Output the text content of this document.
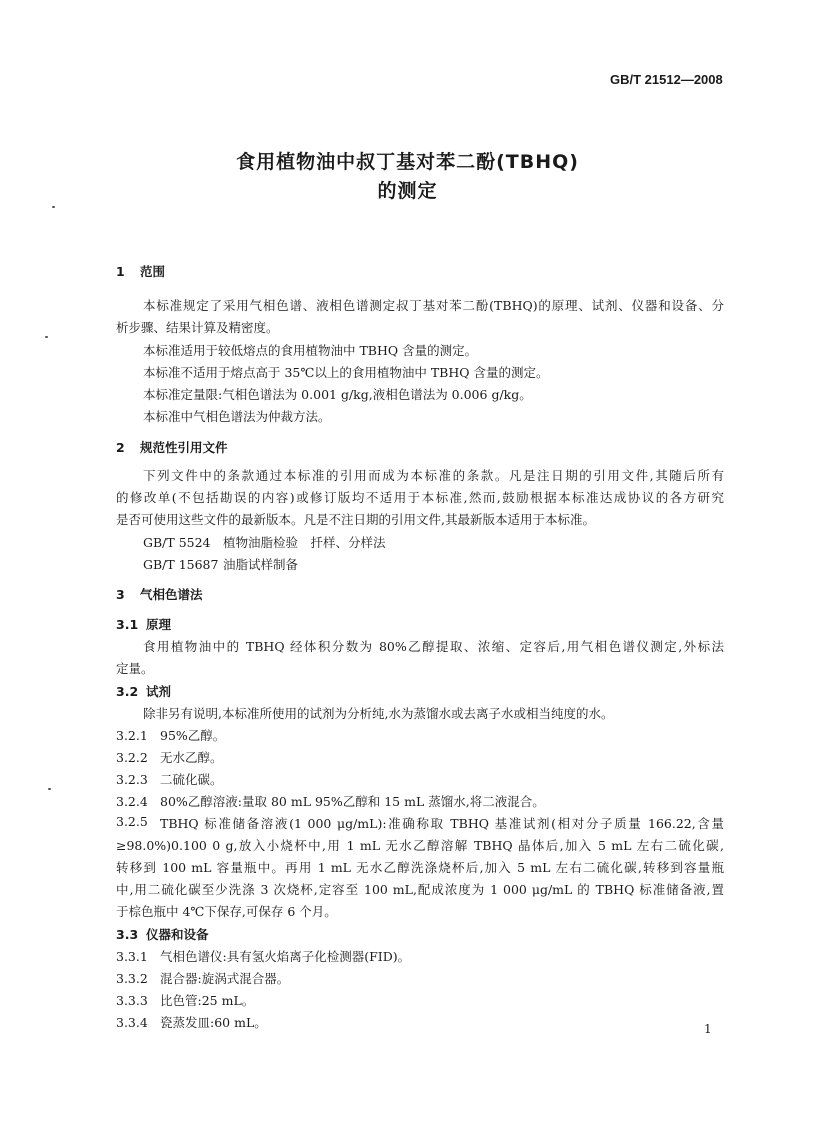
GB/T 21512—2008
食用植物油中叔丁基对苯二酚(TBHQ)
的测定
1 范围
本标准规定了采用气相色谱、液相色谱测定叔丁基对苯二酚(TBHQ)的原理、试剂、仪器和设备、分
析步骤、结果计算及精密度。
本标准适用于较低熔点的食用植物油中 TBHQ 含量的测定。
本标准不适用于熔点高于 35℃以上的食用植物油中 TBHQ 含量的测定。
本标准定量限:气相色谱法为 0.001 g/kg,液相色谱法为 0.006 g/kg。
本标准中气相色谱法为仲裁方法。
2 规范性引用文件
下列文件中的条款通过本标准的引用而成为本标准的条款。凡是注日期的引用文件,其随后所有
的修改单(不包括勘误的内容)或修订版均不适用于本标准,然而,鼓励根据本标准达成协议的各方研究
是否可使用这些文件的最新版本。凡是不注日期的引用文件,其最新版本适用于本标准。
GB/T 5524 植物油脂检验　扦样、分样法
GB/T 15687 油脂试样制备
3 气相色谱法
3.1 原理
食用植物油中的 TBHQ 经体积分数为 80%乙醇提取、浓缩、定容后,用气相色谱仪测定,外标法
定量。
3.2 试剂
除非另有说明,本标准所使用的试剂为分析纯,水为蒸馏水或去离子水或相当纯度的水。
3.2.1 95%乙醇。
3.2.2 无水乙醇。
3.2.3 二硫化碳。
3.2.4 80%乙醇溶液:量取 80 mL 95%乙醇和 15 mL 蒸馏水,将二液混合。
3.2.5 TBHQ 标准储备溶液(1 000 μg/mL):准确称取 TBHQ 基准试剂(相对分子质量 166.22,含量
≥98.0%)0.100 0 g,放入小烧杯中,用 1 mL 无水乙醇溶解 TBHQ 晶体后,加入 5 mL 左右二硫化碳,
转移到 100 mL 容量瓶中。再用 1 mL 无水乙醇洗涤烧杯后,加入 5 mL 左右二硫化碳,转移到容量瓶
中,用二硫化碳至少洗涤 3 次烧杯,定容至 100 mL,配成浓度为 1 000 μg/mL 的 TBHQ 标准储备液,置
于棕色瓶中 4℃下保存,可保存 6 个月。
3.3 仪器和设备
3.3.1 气相色谱仪:具有氢火焰离子化检测器(FID)。
3.3.2 混合器:旋涡式混合器。
3.3.3 比色管:25 mL。
3.3.4 瓷蒸发皿:60 mL。	1
